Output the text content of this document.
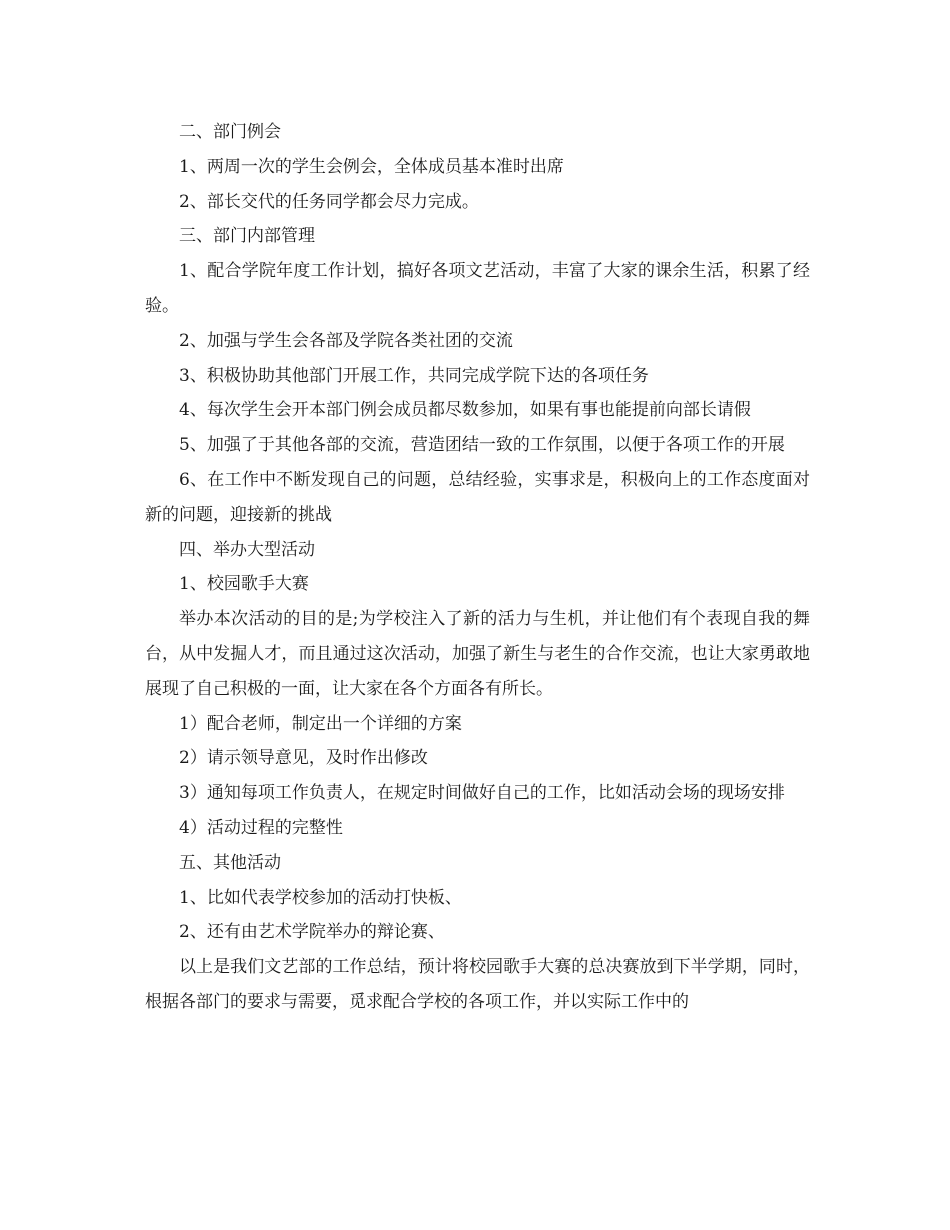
二、部门例会

1、两周一次的学生会例会，全体成员基本准时出席

2、部长交代的任务同学都会尽力完成。

三、部门内部管理

1、配合学院年度工作计划，搞好各项文艺活动，丰富了大家的课余生活，积累了经验。

2、加强与学生会各部及学院各类社团的交流

3、积极协助其他部门开展工作，共同完成学院下达的各项任务

4、每次学生会开本部门例会成员都尽数参加，如果有事也能提前向部长请假

5、加强了于其他各部的交流，营造团结一致的工作氛围，以便于各项工作的开展

6、在工作中不断发现自己的问题，总结经验，实事求是，积极向上的工作态度面对新的问题，迎接新的挑战

四、举办大型活动

1、校园歌手大赛

举办本次活动的目的是;为学校注入了新的活力与生机，并让他们有个表现自我的舞台，从中发掘人才，而且通过这次活动，加强了新生与老生的合作交流，也让大家勇敢地展现了自己积极的一面，让大家在各个方面各有所长。

1）配合老师，制定出一个详细的方案

2）请示领导意见，及时作出修改

3）通知每项工作负责人，在规定时间做好自己的工作，比如活动会场的现场安排

4）活动过程的完整性

五、其他活动

1、比如代表学校参加的活动打快板、

2、还有由艺术学院举办的辩论赛、

以上是我们文艺部的工作总结，预计将校园歌手大赛的总决赛放到下半学期，同时，根据各部门的要求与需要，觅求配合学校的各项工作，并以实际工作中的
